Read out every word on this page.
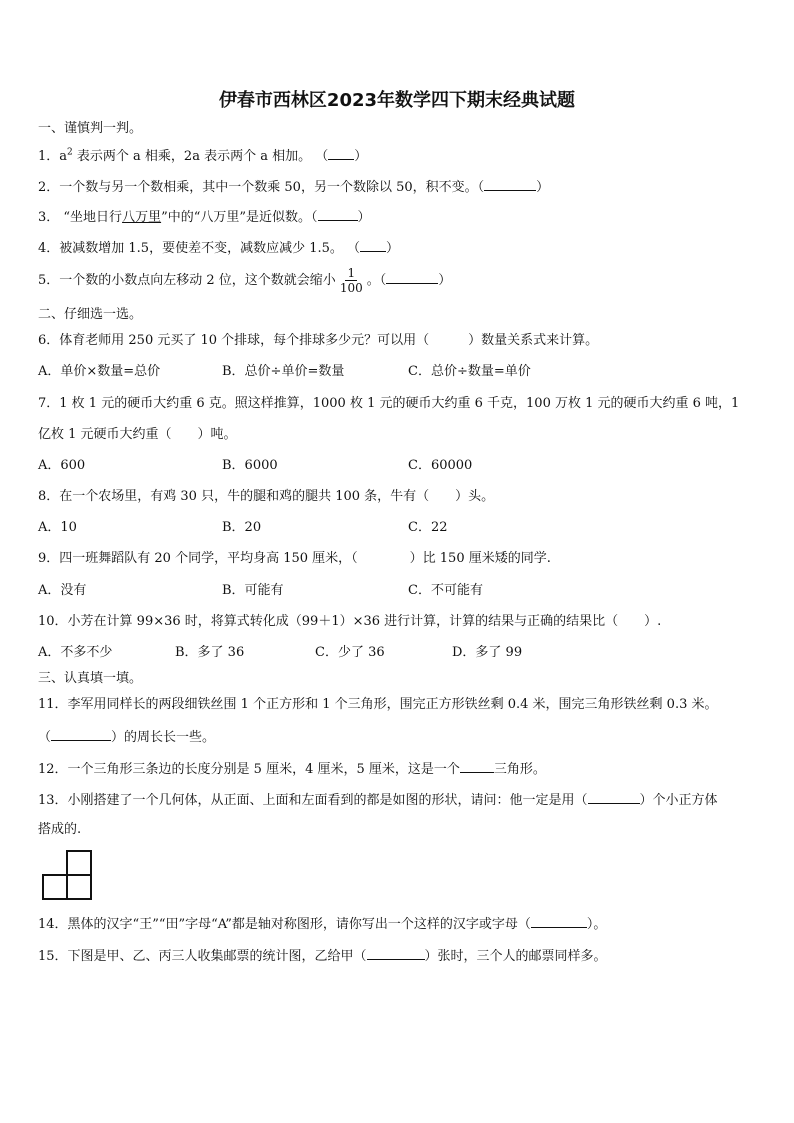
伊春市西林区2023年数学四下期末经典试题
一、谨慎判一判。
1．$a^2$ 表示两个 a 相乘，2a 表示两个 a 相加。 （ ）
2．一个数与另一个数相乘，其中一个数乘 50，另一个数除以 50，积不变。（	）
3． “坐地日行八万里”中的“八万里”是近似数。（	）
4．被减数增加 1.5，要使差不变，减数应减少 1.5。 （ ）
5．一个数的小数点向左移动 2 位，这个数就会缩小 $\frac{1}{100}$ 。（	）
二、仔细选一选。
6．体育老师用 250 元买了 10 个排球，每个排球多少元？可以用（　　　）数量关系式来计算。
A．单价×数量=总价	B．总价÷单价=数量	C．总价÷数量=单价
7．1 枚 1 元的硬币大约重 6 克。照这样推算，1000 枚 1 元的硬币大约重 6 千克，100 万枚 1 元的硬币大约重 6 吨，1
亿枚 1 元硬币大约重（　　）吨。
A．600	B．6000	C．60000
8．在一个农场里，有鸡 30 只，牛的腿和鸡的腿共 100 条，牛有（　　）头。
A．10	B．20	C．22
9．四一班舞蹈队有 20 个同学，平均身高 150 厘米，（　　　　）比 150 厘米矮的同学.
A．没有	B．可能有	C．不可能有
10．小芳在计算 99×36 时，将算式转化成（99＋1）×36 进行计算，计算的结果与正确的结果比（　　）.
A．不多不少	B．多了 36	C．少了 36	D．多了 99
三、认真填一填。
11．李军用同样长的两段细铁丝围 1 个正方形和 1 个三角形，围完正方形铁丝剩 0.4 米，围完三角形铁丝剩 0.3 米。
（	）的周长长一些。
12．一个三角形三条边的长度分别是 5 厘米，4 厘米，5 厘米，这是一个	三角形。
13．小刚搭建了一个几何体，从正面、上面和左面看到的都是如图的形状，请问：他一定是用（	）个小正方体
搭成的.
14．黑体的汉字“王”“田”字母“A”都是轴对称图形，请你写出一个这样的汉字或字母（	）。
15．下图是甲、乙、丙三人收集邮票的统计图，乙给甲（	）张时，三个人的邮票同样多。
